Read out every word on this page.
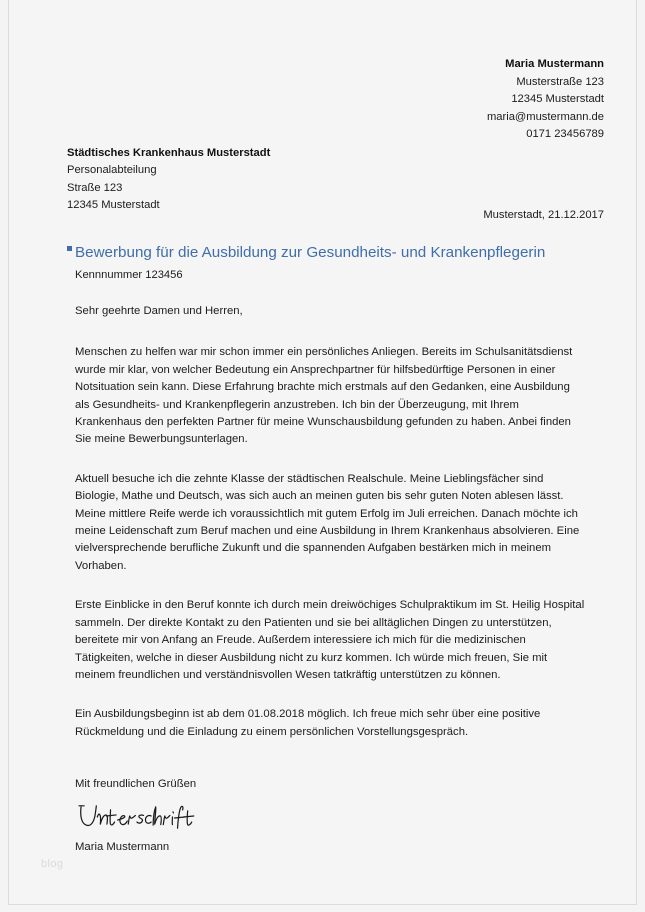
Maria Mustermann
Musterstraße 123
12345 Musterstadt
maria@mustermann.de
0171 23456789
Städtisches Krankenhaus Musterstadt
Personalabteilung
Straße 123
12345 Musterstadt
Musterstadt, 21.12.2017
Bewerbung für die Ausbildung zur Gesundheits- und Krankenpflegerin
Kennnummer 123456

Sehr geehrte Damen und Herren,

Menschen zu helfen war mir schon immer ein persönliches Anliegen. Bereits im Schulsanitätsdienst wurde mir klar, von welcher Bedeutung ein Ansprechpartner für hilfsbedürftige Personen in einer Notsituation sein kann. Diese Erfahrung brachte mich erstmals auf den Gedanken, eine Ausbildung als Gesundheits- und Krankenpflegerin anzustreben. Ich bin der Überzeugung, mit Ihrem Krankenhaus den perfekten Partner für meine Wunschausbildung gefunden zu haben. Anbei finden Sie meine Bewerbungsunterlagen.

Aktuell besuche ich die zehnte Klasse der städtischen Realschule. Meine Lieblingsfächer sind Biologie, Mathe und Deutsch, was sich auch an meinen guten bis sehr guten Noten ablesen lässt. Meine mittlere Reife werde ich voraussichtlich mit gutem Erfolg im Juli erreichen. Danach möchte ich meine Leidenschaft zum Beruf machen und eine Ausbildung in Ihrem Krankenhaus absolvieren. Eine vielversprechende berufliche Zukunft und die spannenden Aufgaben bestärken mich in meinem Vorhaben.

Erste Einblicke in den Beruf konnte ich durch mein dreiwöchiges Schulpraktikum im St. Heilig Hospital sammeln. Der direkte Kontakt zu den Patienten und sie bei alltäglichen Dingen zu unterstützen, bereitete mir von Anfang an Freude. Außerdem interessiere ich mich für die medizinischen Tätigkeiten, welche in dieser Ausbildung nicht zu kurz kommen. Ich würde mich freuen, Sie mit meinem freundlichen und verständnisvollen Wesen tatkräftig unterstützen zu können.

Ein Ausbildungsbeginn ist ab dem 01.08.2018 möglich. Ich freue mich sehr über eine positive Rückmeldung und die Einladung zu einem persönlichen Vorstellungsgespräch.

Mit freundlichen Grüßen
Maria Mustermann
blog
